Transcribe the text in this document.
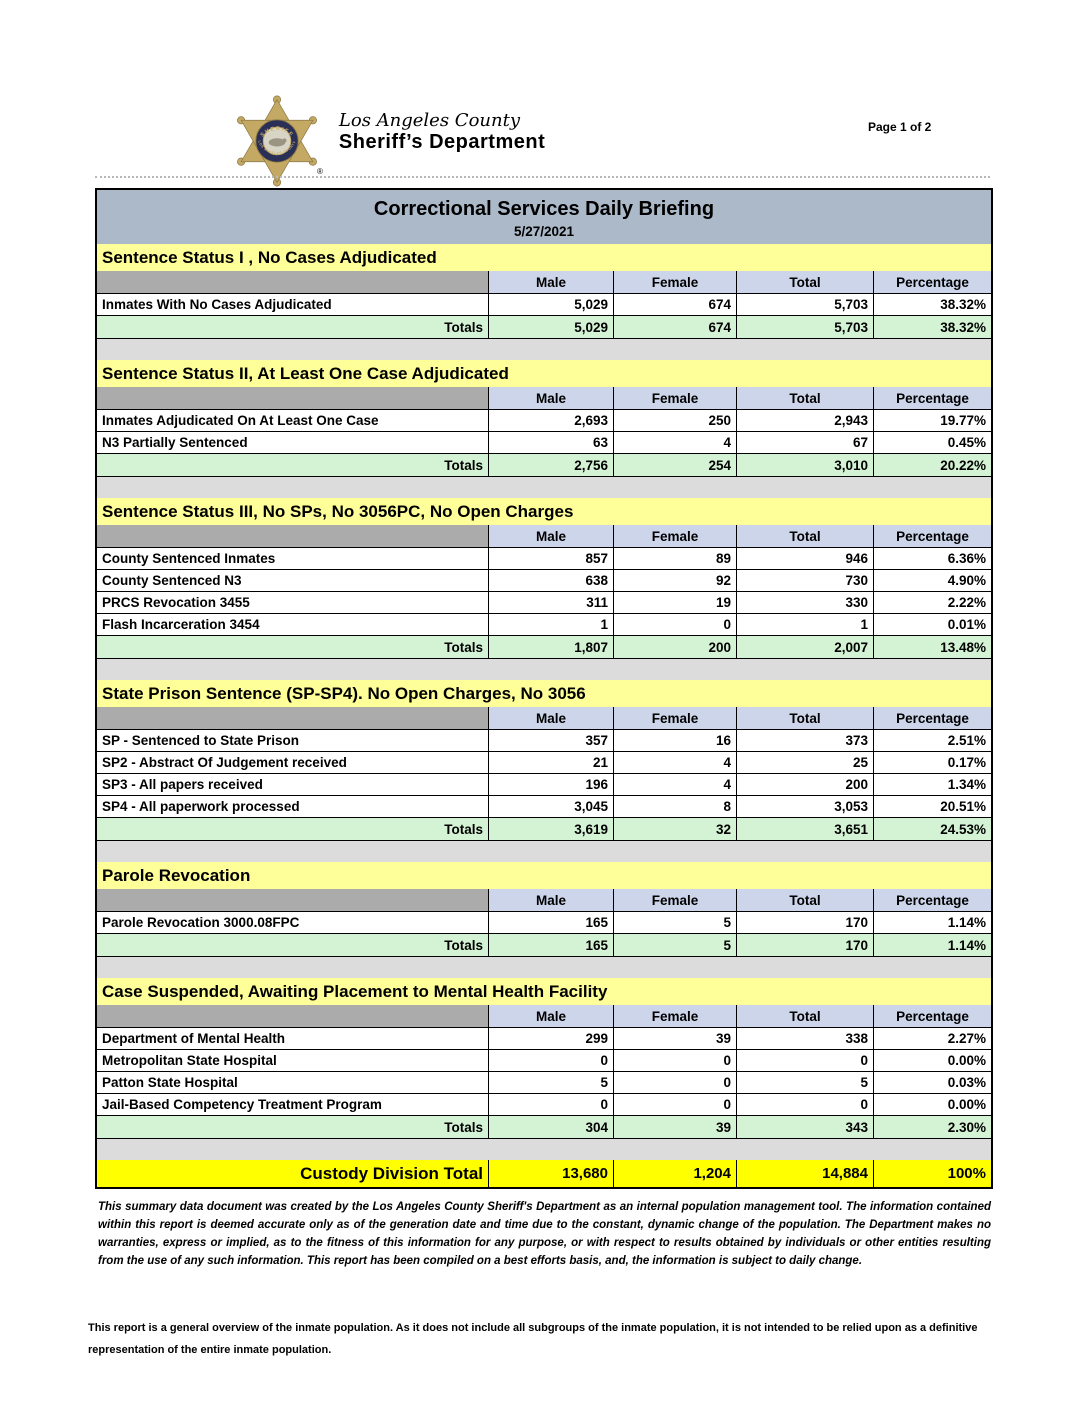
Page 1 of 2
SHERIFF
LOS ANGELES COUNTY
®
Los Angeles County
Sheriff’s Department
Correctional Services Daily Briefing
5/27/2021
Sentence Status I , No Cases Adjudicated
Male	Female	Total	Percentage
Inmates With No Cases Adjudicated	5,029	674	5,703	38.32%
Totals	5,029	674	5,703	38.32%
Sentence Status II, At Least One Case Adjudicated
Male	Female	Total	Percentage
Inmates Adjudicated On At Least One Case	2,693	250	2,943	19.77%
N3 Partially Sentenced	63	4	67	0.45%
Totals	2,756	254	3,010	20.22%
Sentence Status III, No SPs, No 3056PC, No Open Charges
Male	Female	Total	Percentage
County Sentenced Inmates	857	89	946	6.36%
County Sentenced N3	638	92	730	4.90%
PRCS Revocation 3455	311	19	330	2.22%
Flash Incarceration 3454	1	0	1	0.01%
Totals	1,807	200	2,007	13.48%
State Prison Sentence (SP-SP4). No Open Charges, No 3056
Male	Female	Total	Percentage
SP - Sentenced to State Prison	357	16	373	2.51%
SP2 - Abstract Of Judgement received	21	4	25	0.17%
SP3 - All papers received	196	4	200	1.34%
SP4 - All paperwork processed	3,045	8	3,053	20.51%
Totals	3,619	32	3,651	24.53%
Parole Revocation
Male	Female	Total	Percentage
Parole Revocation 3000.08FPC	165	5	170	1.14%
Totals	165	5	170	1.14%
Case Suspended, Awaiting Placement to Mental Health Facility
Male	Female	Total	Percentage
Department of Mental Health	299	39	338	2.27%
Metropolitan State Hospital	0	0	0	0.00%
Patton State Hospital	5	0	5	0.03%
Jail-Based Competency Treatment Program	0	0	0	0.00%
Totals	304	39	343	2.30%
Custody Division Total	13,680	1,204	14,884	100%

This summary data document was created by the Los Angeles County Sheriff's Department as an internal population management tool. The information contained within this report is deemed accurate only as of the generation date and time due to the constant, dynamic change of the population. The Department makes no warranties, express or implied, as to the fitness of this information for any purpose, or with respect to results obtained by individuals or other entities resulting from the use of any such information. This report has been compiled on a best efforts basis, and, the information is subject to daily change.

This report is a general overview of the inmate population. As it does not include all subgroups of the inmate population, it is not intended to be relied upon as a definitive representation of the entire inmate population.
